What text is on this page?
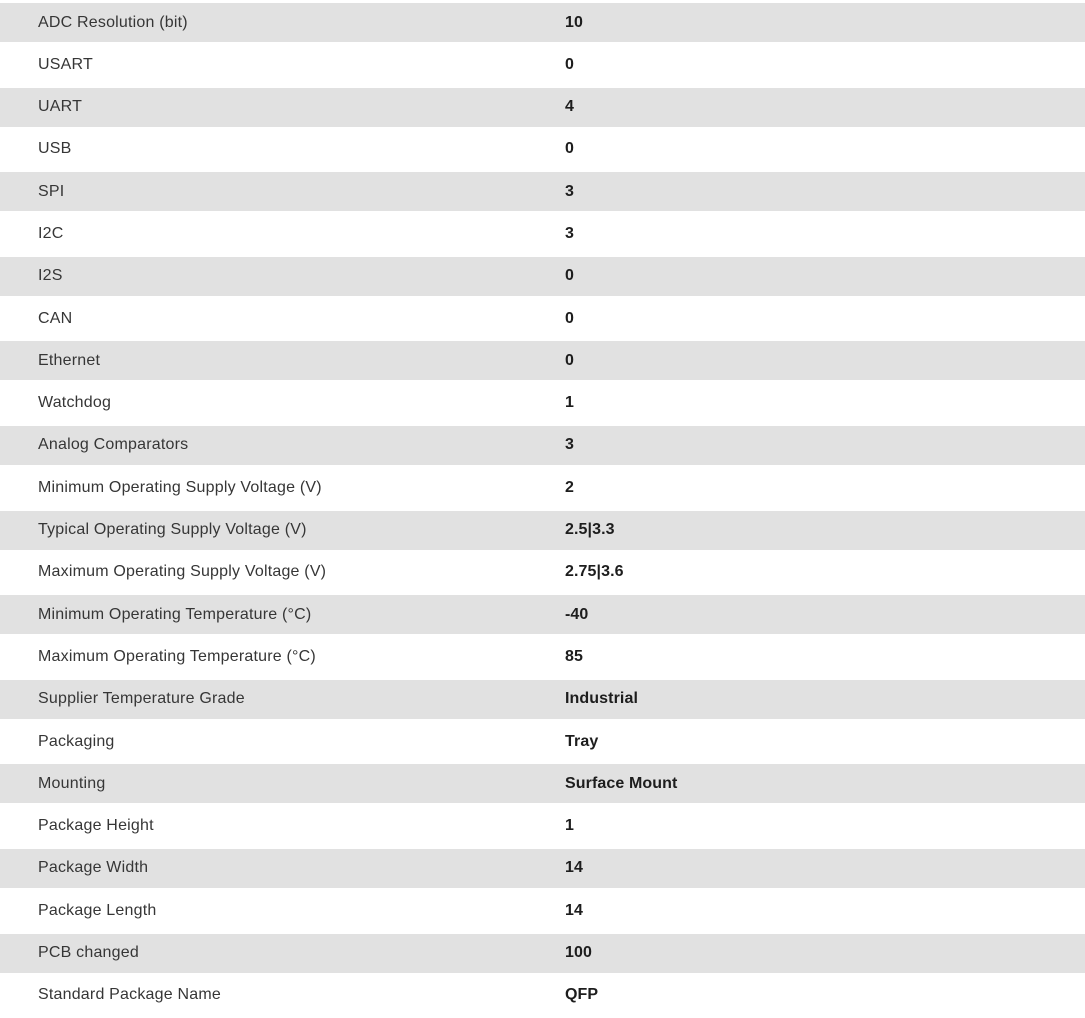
ADC Resolution (bit)	10
USART	0
UART	4
USB	0
SPI	3
I2C	3
I2S	0
CAN	0
Ethernet	0
Watchdog	1
Analog Comparators	3
Minimum Operating Supply Voltage (V)	2
Typical Operating Supply Voltage (V)	2.5|3.3
Maximum Operating Supply Voltage (V)	2.75|3.6
Minimum Operating Temperature (°C)	-40
Maximum Operating Temperature (°C)	85
Supplier Temperature Grade	Industrial
Packaging	Tray
Mounting	Surface Mount
Package Height	1
Package Width	14
Package Length	14
PCB changed	100
Standard Package Name	QFP
